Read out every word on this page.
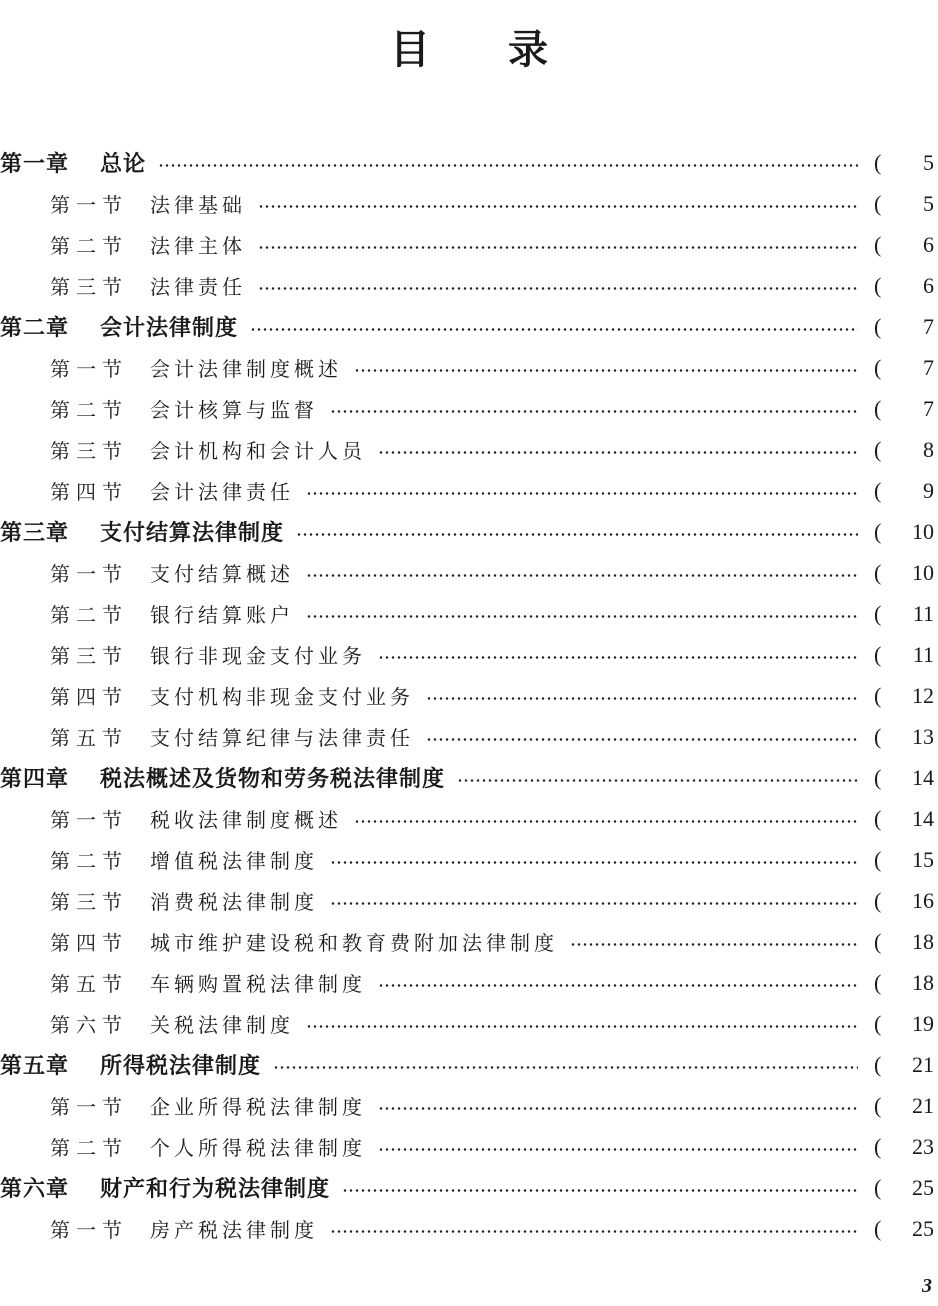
目录
第一章	总论	( 5
第一节	法律基础	( 5
第二节	法律主体	( 6
第三节	法律责任	( 6
第二章	会计法律制度	( 7
第一节	会计法律制度概述	( 7
第二节	会计核算与监督	( 7
第三节	会计机构和会计人员	( 8
第四节	会计法律责任	( 9
第三章	支付结算法律制度	( 10
第一节	支付结算概述	( 10
第二节	银行结算账户	( 11
第三节	银行非现金支付业务	( 11
第四节	支付机构非现金支付业务	( 12
第五节	支付结算纪律与法律责任	( 13
第四章	税法概述及货物和劳务税法律制度	( 14
第一节	税收法律制度概述	( 14
第二节	增值税法律制度	( 15
第三节	消费税法律制度	( 16
第四节	城市维护建设税和教育费附加法律制度	( 18
第五节	车辆购置税法律制度	( 18
第六节	关税法律制度	( 19
第五章	所得税法律制度	( 21
第一节	企业所得税法律制度	( 21
第二节	个人所得税法律制度	( 23
第六章	财产和行为税法律制度	( 25
第一节	房产税法律制度	( 25
3
